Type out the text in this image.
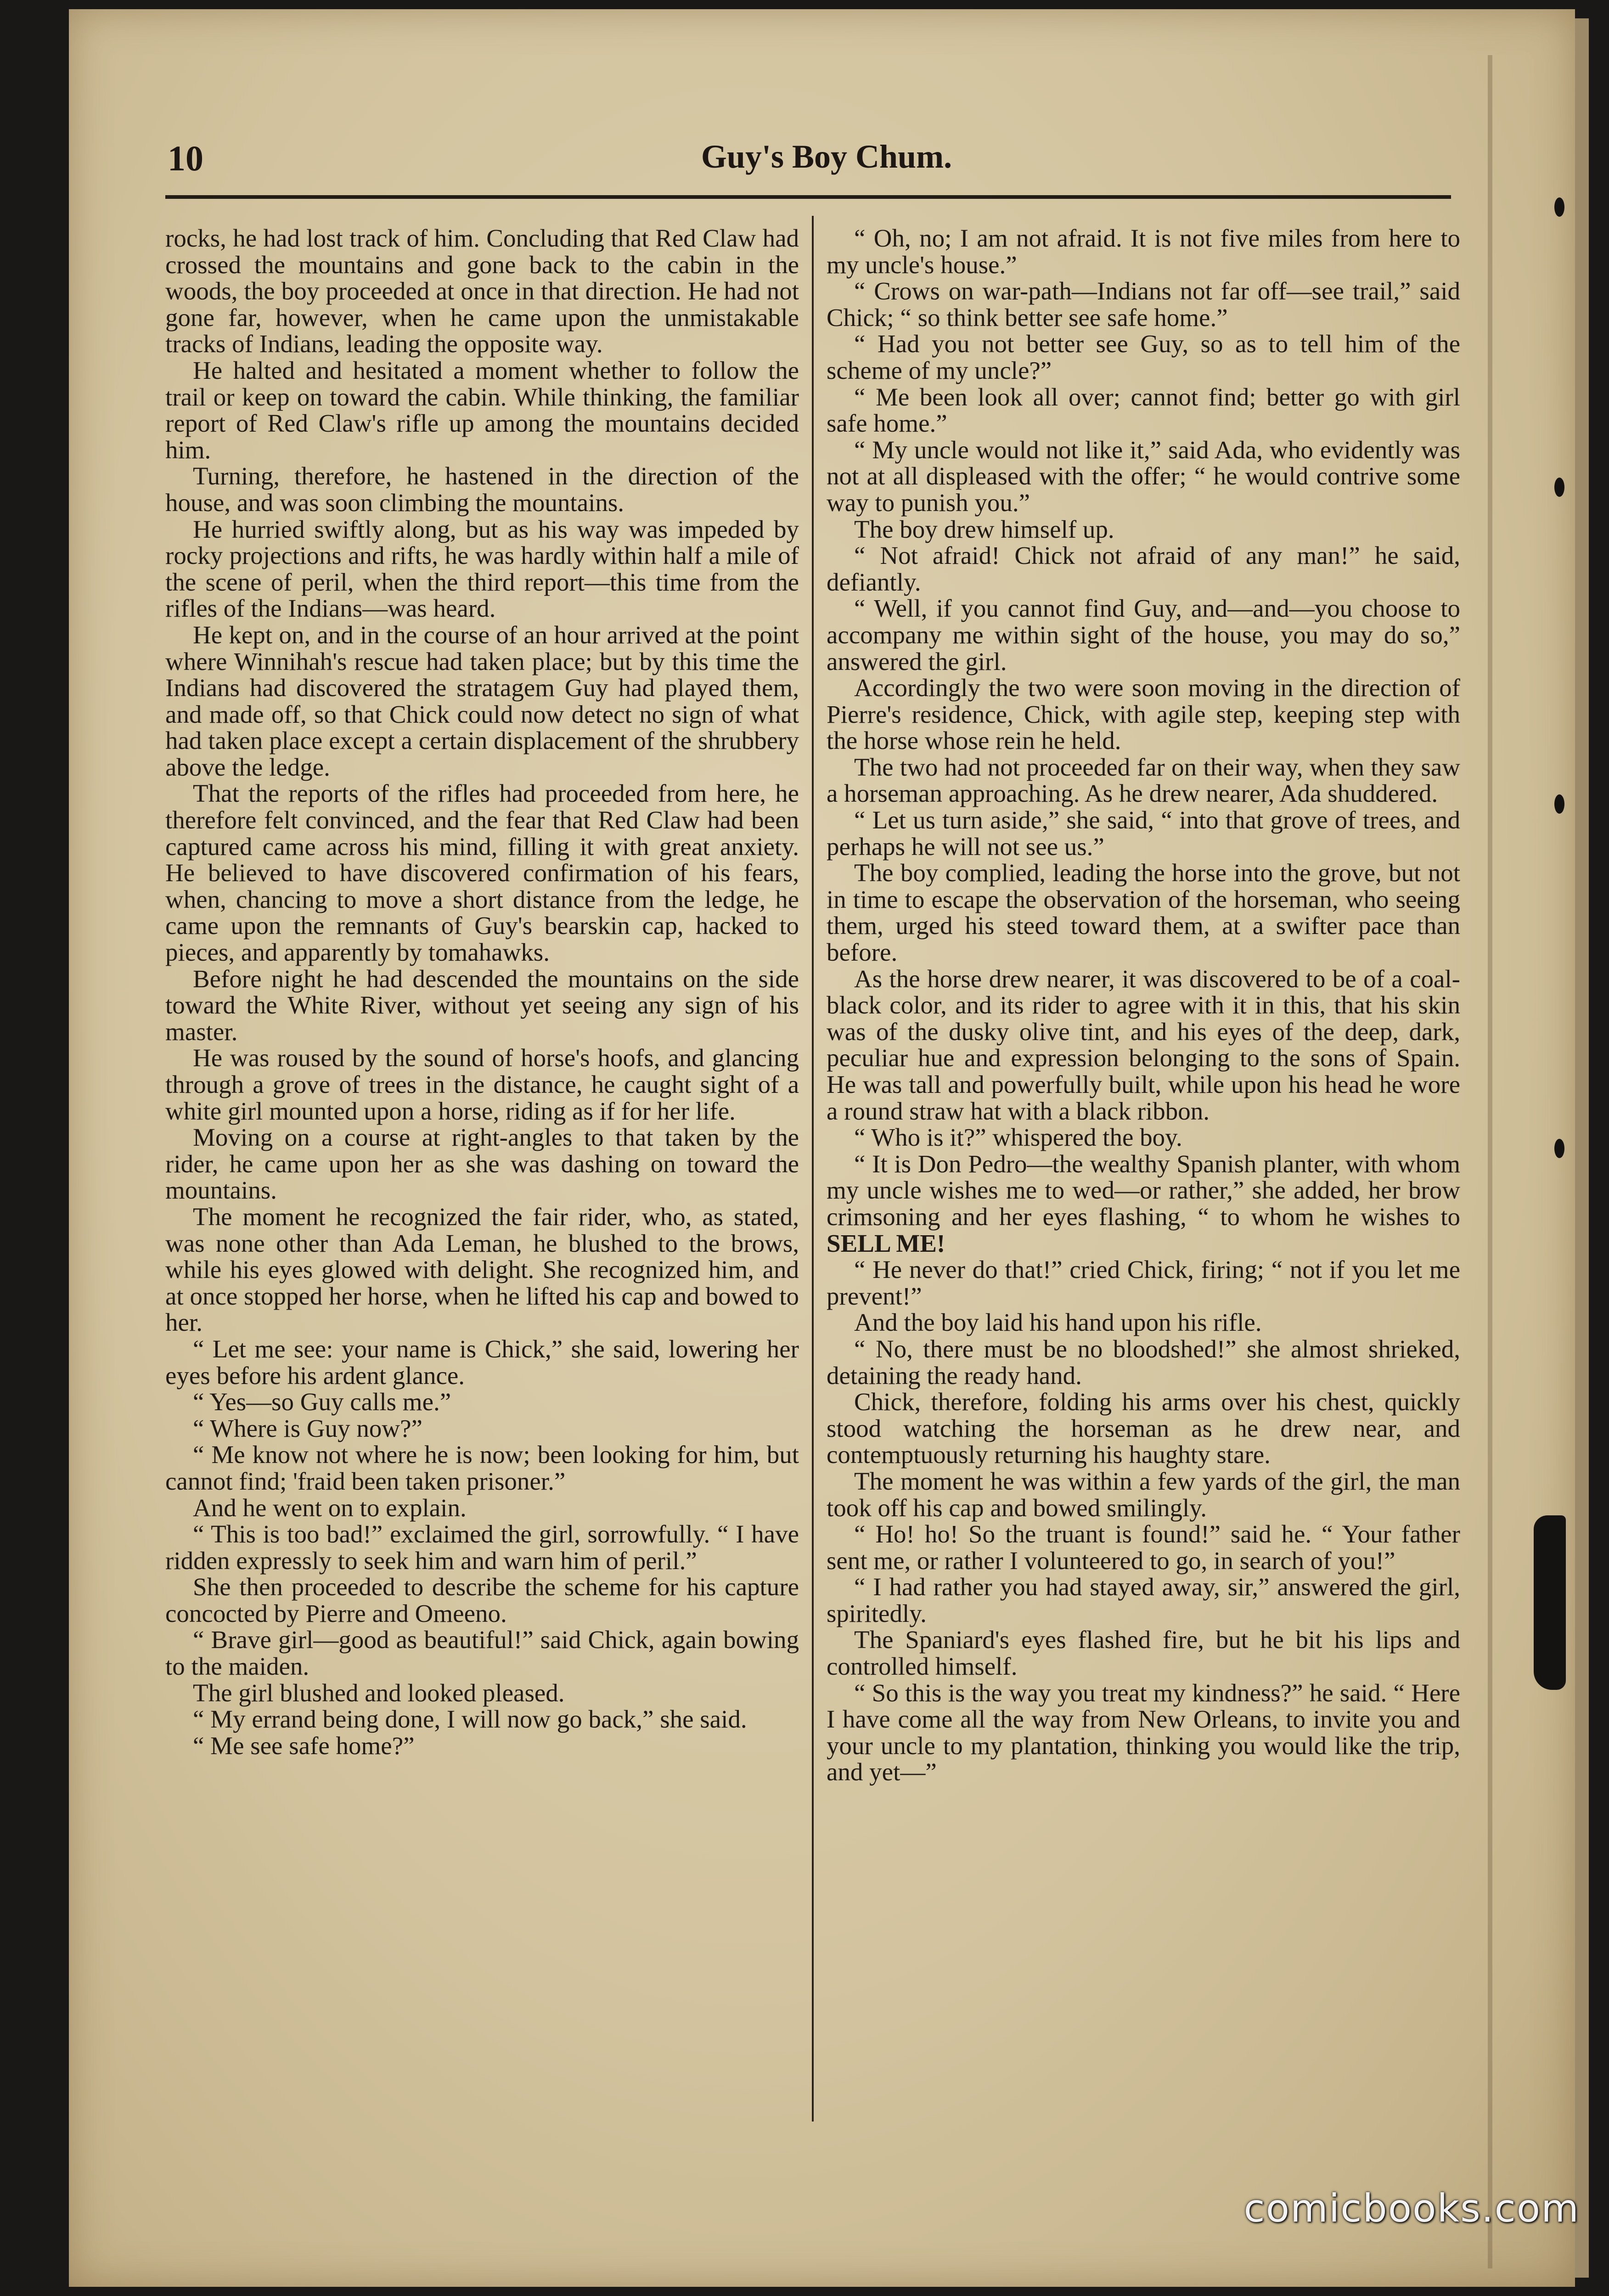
10	Guy's Boy Chum.

rocks, he had lost track of him. Concluding that Red Claw had crossed the mountains and gone back to the cabin in the woods, the boy proceeded at once in that direction. He had not gone far, however, when he came upon the unmistakable tracks of Indians, leading the opposite way.

He halted and hesitated a moment whether to follow the trail or keep on toward the cabin. While thinking, the familiar report of Red Claw's rifle up among the mountains decided him.

Turning, therefore, he hastened in the direction of the house, and was soon climbing the mountains.

He hurried swiftly along, but as his way was impeded by rocky projections and rifts, he was hardly within half a mile of the scene of peril, when the third report—this time from the rifles of the Indians—was heard.

He kept on, and in the course of an hour arrived at the point where Winnihah's rescue had taken place; but by this time the Indians had discovered the stratagem Guy had played them, and made off, so that Chick could now detect no sign of what had taken place except a certain displacement of the shrubbery above the ledge.

That the reports of the rifles had proceeded from here, he therefore felt convinced, and the fear that Red Claw had been captured came across his mind, filling it with great anxiety. He believed to have discovered confirmation of his fears, when, chancing to move a short distance from the ledge, he came upon the remnants of Guy's bearskin cap, hacked to pieces, and apparently by tomahawks.

Before night he had descended the mountains on the side toward the White River, without yet seeing any sign of his master.

He was roused by the sound of horse's hoofs, and glancing through a grove of trees in the distance, he caught sight of a white girl mounted upon a horse, riding as if for her life.

Moving on a course at right-angles to that taken by the rider, he came upon her as she was dashing on toward the mountains.

The moment he recognized the fair rider, who, as stated, was none other than Ada Leman, he blushed to the brows, while his eyes glowed with delight. She recognized him, and at once stopped her horse, when he lifted his cap and bowed to her.

“ Let me see: your name is Chick,” she said, lowering her eyes before his ardent glance.

“ Yes—so Guy calls me.”

“ Where is Guy now?”

“ Me know not where he is now; been looking for him, but cannot find; 'fraid been taken prisoner.”

And he went on to explain.

“ This is too bad!” exclaimed the girl, sorrowfully. “ I have ridden expressly to seek him and warn him of peril.”

She then proceeded to describe the scheme for his capture concocted by Pierre and Omeeno.

“ Brave girl—good as beautiful!” said Chick, again bowing to the maiden.

The girl blushed and looked pleased.

“ My errand being done, I will now go back,” she said.

“ Me see safe home?”

“ Oh, no; I am not afraid. It is not five miles from here to my uncle's house.”

“ Crows on war-path—Indians not far off—see trail,” said Chick; “ so think better see safe home.”

“ Had you not better see Guy, so as to tell him of the scheme of my uncle?”

“ Me been look all over; cannot find; better go with girl safe home.”

“ My uncle would not like it,” said Ada, who evidently was not at all displeased with the offer; “ he would contrive some way to punish you.”

The boy drew himself up.

“ Not afraid! Chick not afraid of any man!” he said, defiantly.

“ Well, if you cannot find Guy, and—and—you choose to accompany me within sight of the house, you may do so,” answered the girl.

Accordingly the two were soon moving in the direction of Pierre's residence, Chick, with agile step, keeping step with the horse whose rein he held.

The two had not proceeded far on their way, when they saw a horseman approaching. As he drew nearer, Ada shuddered.

“ Let us turn aside,” she said, “ into that grove of trees, and perhaps he will not see us.”

The boy complied, leading the horse into the grove, but not in time to escape the observation of the horseman, who seeing them, urged his steed toward them, at a swifter pace than before.

As the horse drew nearer, it was discovered to be of a coal-black color, and its rider to agree with it in this, that his skin was of the dusky olive tint, and his eyes of the deep, dark, peculiar hue and expression belonging to the sons of Spain. He was tall and powerfully built, while upon his head he wore a round straw hat with a black ribbon.

“ Who is it?” whispered the boy.

“ It is Don Pedro—the wealthy Spanish planter, with whom my uncle wishes me to wed—or rather,” she added, her brow crimsoning and her eyes flashing, “ to whom he wishes to SELL ME!

“ He never do that!” cried Chick, firing; “ not if you let me prevent!”

And the boy laid his hand upon his rifle.

“ No, there must be no bloodshed!” she almost shrieked, detaining the ready hand.

Chick, therefore, folding his arms over his chest, quickly stood watching the horseman as he drew near, and contemptuously returning his haughty stare.

The moment he was within a few yards of the girl, the man took off his cap and bowed smilingly.

“ Ho! ho! So the truant is found!” said he. “ Your father sent me, or rather I volunteered to go, in search of you!”

“ I had rather you had stayed away, sir,” answered the girl, spiritedly.

The Spaniard's eyes flashed fire, but he bit his lips and controlled himself.

“ So this is the way you treat my kindness?” he said. “ Here I have come all the way from New Orleans, to invite you and your uncle to my plantation, thinking you would like the trip, and yet—”

comicbooks.com
